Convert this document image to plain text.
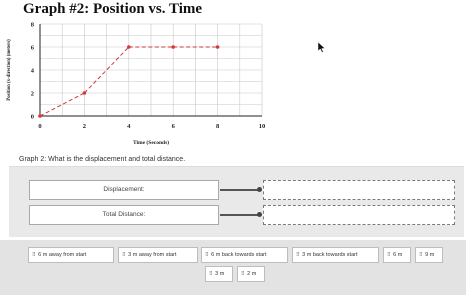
Graph #2: Position vs. Time
0	2	4	6	8	10
0
2
4
6
8
Time (Seconds)
Position (x-direction) (meters)
Graph 2: What is the displacement and total distance.
Displacement:
Total Distance:
⠿ 6 m away from start	⠿ 3 m away from start	⠿ 6 m back towards start	⠿ 3 m back towards start	⠿ 6 m	⠿ 9 m
⠿ 3 m	⠿ 2 m
